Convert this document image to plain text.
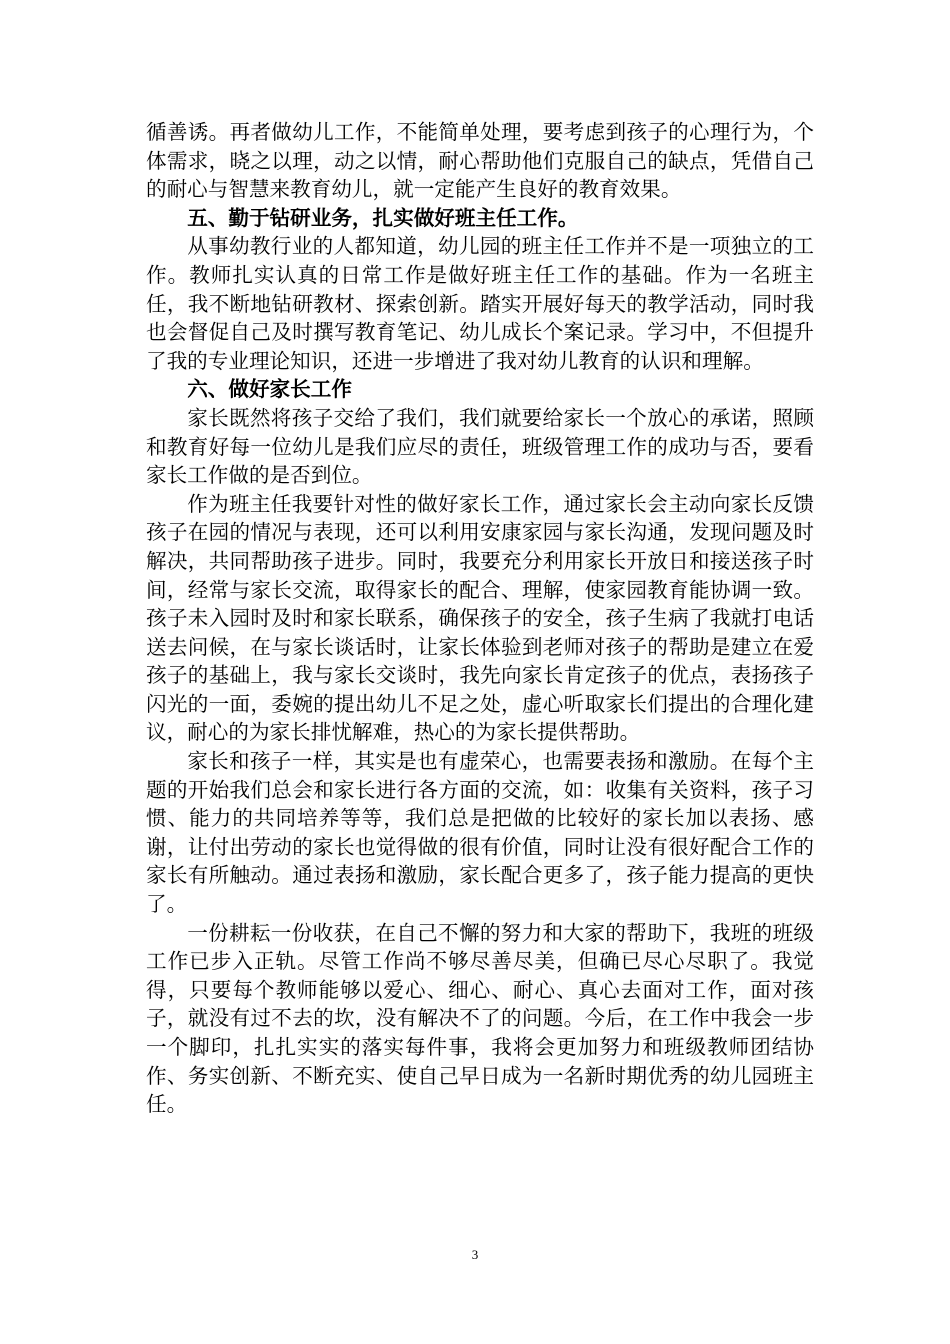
循善诱。再者做幼儿工作，不能简单处理，要考虑到孩子的心理行为，个体需求，晓之以理，动之以情，耐心帮助他们克服自己的缺点，凭借自己的耐心与智慧来教育幼儿，就一定能产生良好的教育效果。

五、勤于钻研业务，扎实做好班主任工作。

从事幼教行业的人都知道，幼儿园的班主任工作并不是一项独立的工作。教师扎实认真的日常工作是做好班主任工作的基础。作为一名班主任，我不断地钻研教材、探索创新。踏实开展好每天的教学活动，同时我也会督促自己及时撰写教育笔记、幼儿成长个案记录。学习中，不但提升了我的专业理论知识，还进一步增进了我对幼儿教育的认识和理解。

六、做好家长工作

家长既然将孩子交给了我们，我们就要给家长一个放心的承诺，照顾和教育好每一位幼儿是我们应尽的责任，班级管理工作的成功与否，要看家长工作做的是否到位。

作为班主任我要针对性的做好家长工作，通过家长会主动向家长反馈孩子在园的情况与表现，还可以利用安康家园与家长沟通，发现问题及时解决，共同帮助孩子进步。同时，我要充分利用家长开放日和接送孩子时间，经常与家长交流，取得家长的配合、理解，使家园教育能协调一致。孩子未入园时及时和家长联系，确保孩子的安全，孩子生病了我就打电话送去问候，在与家长谈话时，让家长体验到老师对孩子的帮助是建立在爱孩子的基础上，我与家长交谈时，我先向家长肯定孩子的优点，表扬孩子闪光的一面，委婉的提出幼儿不足之处，虚心听取家长们提出的合理化建议，耐心的为家长排忧解难，热心的为家长提供帮助。

家长和孩子一样，其实是也有虚荣心，也需要表扬和激励。在每个主题的开始我们总会和家长进行各方面的交流，如：收集有关资料，孩子习惯、能力的共同培养等等，我们总是把做的比较好的家长加以表扬、感谢，让付出劳动的家长也觉得做的很有价值，同时让没有很好配合工作的家长有所触动。通过表扬和激励，家长配合更多了，孩子能力提高的更快了。

一份耕耘一份收获，在自己不懈的努力和大家的帮助下，我班的班级工作已步入正轨。尽管工作尚不够尽善尽美，但确已尽心尽职了。我觉得，只要每个教师能够以爱心、细心、耐心、真心去面对工作，面对孩子，就没有过不去的坎，没有解决不了的问题。今后，在工作中我会一步一个脚印，扎扎实实的落实每件事，我将会更加努力和班级教师团结协作、务实创新、不断充实、使自己早日成为一名新时期优秀的幼儿园班主任。

3
